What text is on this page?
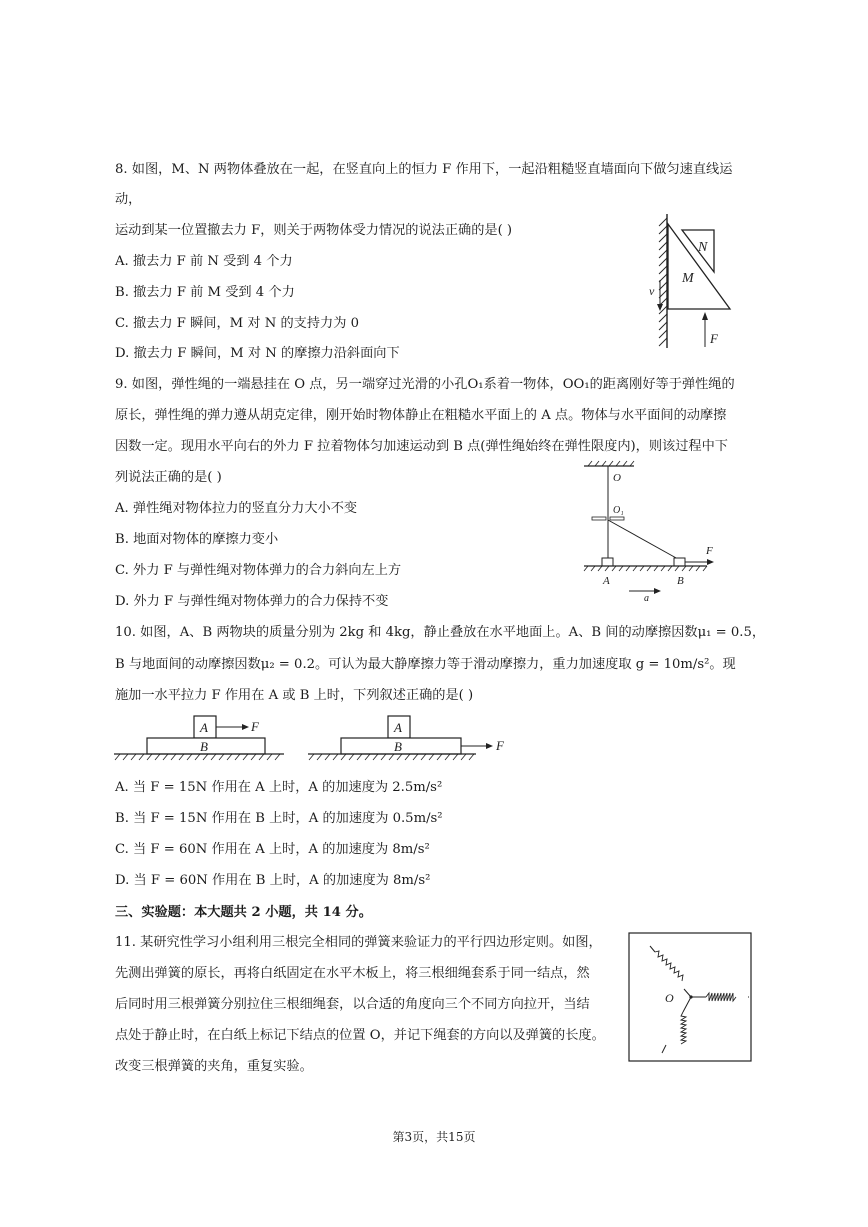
8. 如图，M、N 两物体叠放在一起，在竖直向上的恒力 F 作用下，一起沿粗糙竖直墙面向下做匀速直线运
动，
运动到某一位置撤去力 F，则关于两物体受力情况的说法正确的是( )
A. 撤去力 F 前 N 受到 4 个力
B. 撤去力 F 前 M 受到 4 个力
C. 撤去力 F 瞬间，M 对 N 的支持力为 0
D. 撤去力 F 瞬间，M 对 N 的摩擦力沿斜面向下
N
M
v
F
9. 如图，弹性绳的一端悬挂在 O 点，另一端穿过光滑的小孔O₁系着一物体，OO₁的距离刚好等于弹性绳的
原长，弹性绳的弹力遵从胡克定律，刚开始时物体静止在粗糙水平面上的 A 点。物体与水平面间的动摩擦
因数一定。现用水平向右的外力 F 拉着物体匀加速运动到 B 点(弹性绳始终在弹性限度内)，则该过程中下
列说法正确的是( )
A. 弹性绳对物体拉力的竖直分力大小不变
B. 地面对物体的摩擦力变小
C. 外力 F 与弹性绳对物体弹力的合力斜向左上方
D. 外力 F 与弹性绳对物体弹力的合力保持不变
O
O₁
F
A	B
a
10. 如图，A、B 两物块的质量分别为 2kg 和 4kg，静止叠放在水平地面上。A、B 间的动摩擦因数μ₁ = 0.5，
B 与地面间的动摩擦因数μ₂ = 0.2。可认为最大静摩擦力等于滑动摩擦力，重力加速度取 g = 10m/s²。现
施加一水平拉力 F 作用在 A 或 B 上时，下列叙述正确的是( )
A
B
F	A
B	F
A. 当 F = 15N 作用在 A 上时，A 的加速度为 2.5m/s²
B. 当 F = 15N 作用在 B 上时，A 的加速度为 0.5m/s²
C. 当 F = 60N 作用在 A 上时，A 的加速度为 8m/s²
D. 当 F = 60N 作用在 B 上时，A 的加速度为 8m/s²
三、实验题：本大题共 2 小题，共 14 分。
11. 某研究性学习小组利用三根完全相同的弹簧来验证力的平行四边形定则。如图，
先测出弹簧的原长，再将白纸固定在水平木板上，将三根细绳套系于同一结点，然
后同时用三根弹簧分别拉住三根细绳套，以合适的角度向三个不同方向拉开，当结
点处于静止时，在白纸上标记下结点的位置 O，并记下绳套的方向以及弹簧的长度。
改变三根弹簧的夹角，重复实验。
O
第3页，共15页
